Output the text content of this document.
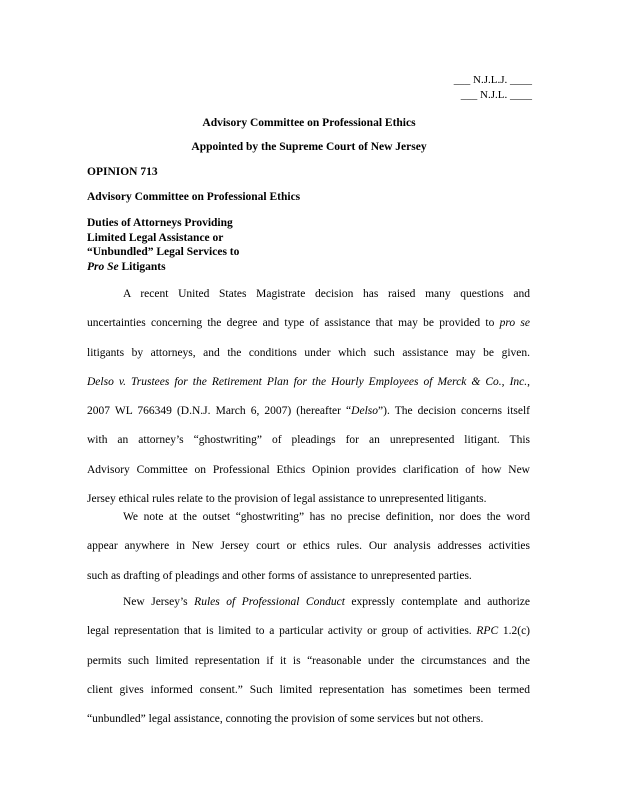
___ N.J.L.J. ____
___ N.J.L. ____
Advisory Committee on Professional Ethics
Appointed by the Supreme Court of New Jersey
OPINION 713
Advisory Committee on Professional Ethics
Duties of Attorneys Providing
Limited Legal Assistance or
“Unbundled” Legal Services to
Pro Se Litigants
A recent United States Magistrate decision has raised many questions and
uncertainties concerning the degree and type of assistance that may be provided to pro se
litigants by attorneys, and the conditions under which such assistance may be given.
Delso v. Trustees for the Retirement Plan for the Hourly Employees of Merck & Co., Inc.,
2007 WL 766349 (D.N.J. March 6, 2007) (hereafter “Delso”). The decision concerns itself
with an attorney’s “ghostwriting” of pleadings for an unrepresented litigant. This
Advisory Committee on Professional Ethics Opinion provides clarification of how New
Jersey ethical rules relate to the provision of legal assistance to unrepresented litigants.
We note at the outset “ghostwriting” has no precise definition, nor does the word
appear anywhere in New Jersey court or ethics rules. Our analysis addresses activities
such as drafting of pleadings and other forms of assistance to unrepresented parties.
New Jersey’s Rules of Professional Conduct expressly contemplate and authorize
legal representation that is limited to a particular activity or group of activities. RPC 1.2(c)
permits such limited representation if it is “reasonable under the circumstances and the
client gives informed consent.” Such limited representation has sometimes been termed
“unbundled” legal assistance, connoting the provision of some services but not others.
